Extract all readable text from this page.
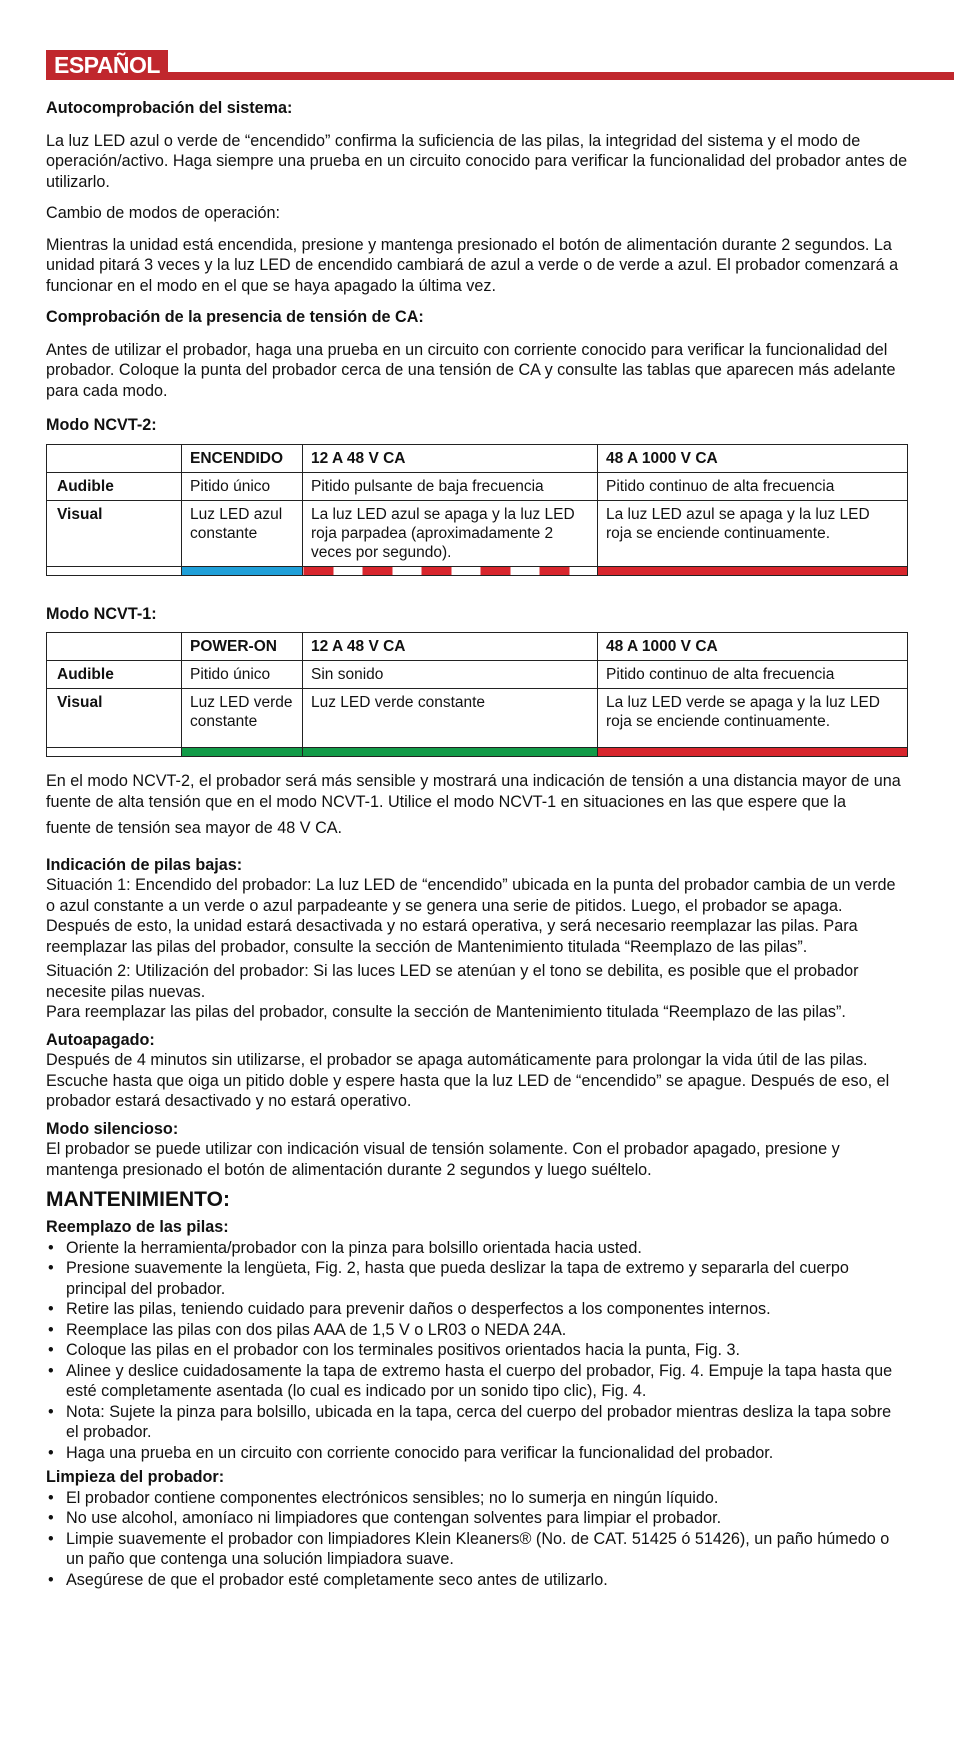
ESPAÑOL
Autocomprobación del sistema:

La luz LED azul o verde de “encendido” confirma la suficiencia de las pilas, la integridad del sistema y el modo de operación/activo. Haga siempre una prueba en un circuito conocido para verificar la funcionalidad del probador antes de utilizarlo.

Cambio de modos de operación:

Mientras la unidad está encendida, presione y mantenga presionado el botón de alimentación durante 2 segundos. La unidad pitará 3 veces y la luz LED de encendido cambiará de azul a verde o de verde a azul. El probador comenzará a funcionar en el modo en el que se haya apagado la última vez.

Comprobación de la presencia de tensión de CA:

Antes de utilizar el probador, haga una prueba en un circuito con corriente conocido para verificar la funcionalidad del probador. Coloque la punta del probador cerca de una tensión de CA y consulte las tablas que aparecen más adelante para cada modo.

Modo NCVT-2:
	ENCENDIDO	12 A 48 V CA	48 A 1000 V CA
Audible	Pitido único	Pitido pulsante de baja frecuencia	Pitido continuo de alta frecuencia
Visual	Luz LED azul constante	La luz LED azul se apaga y la luz LED roja parpadea (aproximadamente 2 veces por segundo).	La luz LED azul se apaga y la luz LED roja se enciende continuamente.

Modo NCVT-1:
	POWER-ON	12 A 48 V CA	48 A 1000 V CA
Audible	Pitido único	Sin sonido	Pitido continuo de alta frecuencia
Visual	Luz LED verde constante	Luz LED verde constante	La luz LED verde se apaga y la luz LED roja se enciende continuamente.

En el modo NCVT-2, el probador será más sensible y mostrará una indicación de tensión a una distancia mayor de una fuente de alta tensión que en el modo NCVT-1. Utilice el modo NCVT-1 en situaciones en las que espere que la
fuente de tensión sea mayor de 48 V CA.

Indicación de pilas bajas:

Situación 1: Encendido del probador: La luz LED de “encendido” ubicada en la punta del probador cambia de un verde o azul constante a un verde o azul parpadeante y se genera una serie de pitidos. Luego, el probador se apaga. Después de esto, la unidad estará desactivada y no estará operativa, y será necesario reemplazar las pilas. Para reemplazar las pilas del probador, consulte la sección de Mantenimiento titulada “Reemplazo de las pilas”.

Situación 2: Utilización del probador: Si las luces LED se atenúan y el tono se debilita, es posible que el probador necesite pilas nuevas.

Para reemplazar las pilas del probador, consulte la sección de Mantenimiento titulada “Reemplazo de las pilas”.

Autoapagado:

Después de 4 minutos sin utilizarse, el probador se apaga automáticamente para prolongar la vida útil de las pilas. Escuche hasta que oiga un pitido doble y espere hasta que la luz LED de “encendido” se apague. Después de eso, el probador estará desactivado y no estará operativo.

Modo silencioso:

El probador se puede utilizar con indicación visual de tensión solamente. Con el probador apagado, presione y mantenga presionado el botón de alimentación durante 2 segundos y luego suéltelo.

MANTENIMIENTO:
Reemplazo de las pilas:
• Oriente la herramienta/probador con la pinza para bolsillo orientada hacia usted.
• Presione suavemente la lengüeta, Fig. 2, hasta que pueda deslizar la tapa de extremo y separarla del cuerpo principal del probador.
• Retire las pilas, teniendo cuidado para prevenir daños o desperfectos a los componentes internos.
• Reemplace las pilas con dos pilas AAA de 1,5 V o LR03 o NEDA 24A.
• Coloque las pilas en el probador con los terminales positivos orientados hacia la punta, Fig. 3.
• Alinee y deslice cuidadosamente la tapa de extremo hasta el cuerpo del probador, Fig. 4. Empuje la tapa hasta que esté completamente asentada (lo cual es indicado por un sonido tipo clic), Fig. 4.
• Nota: Sujete la pinza para bolsillo, ubicada en la tapa, cerca del cuerpo del probador mientras desliza la tapa sobre el probador.
• Haga una prueba en un circuito con corriente conocido para verificar la funcionalidad del probador.
Limpieza del probador:
• El probador contiene componentes electrónicos sensibles; no lo sumerja en ningún líquido.
• No use alcohol, amoníaco ni limpiadores que contengan solventes para limpiar el probador.
• Limpie suavemente el probador con limpiadores Klein Kleaners® (No. de CAT. 51425 ó 51426), un paño húmedo o un paño que contenga una solución limpiadora suave.
• Asegúrese de que el probador esté completamente seco antes de utilizarlo.
